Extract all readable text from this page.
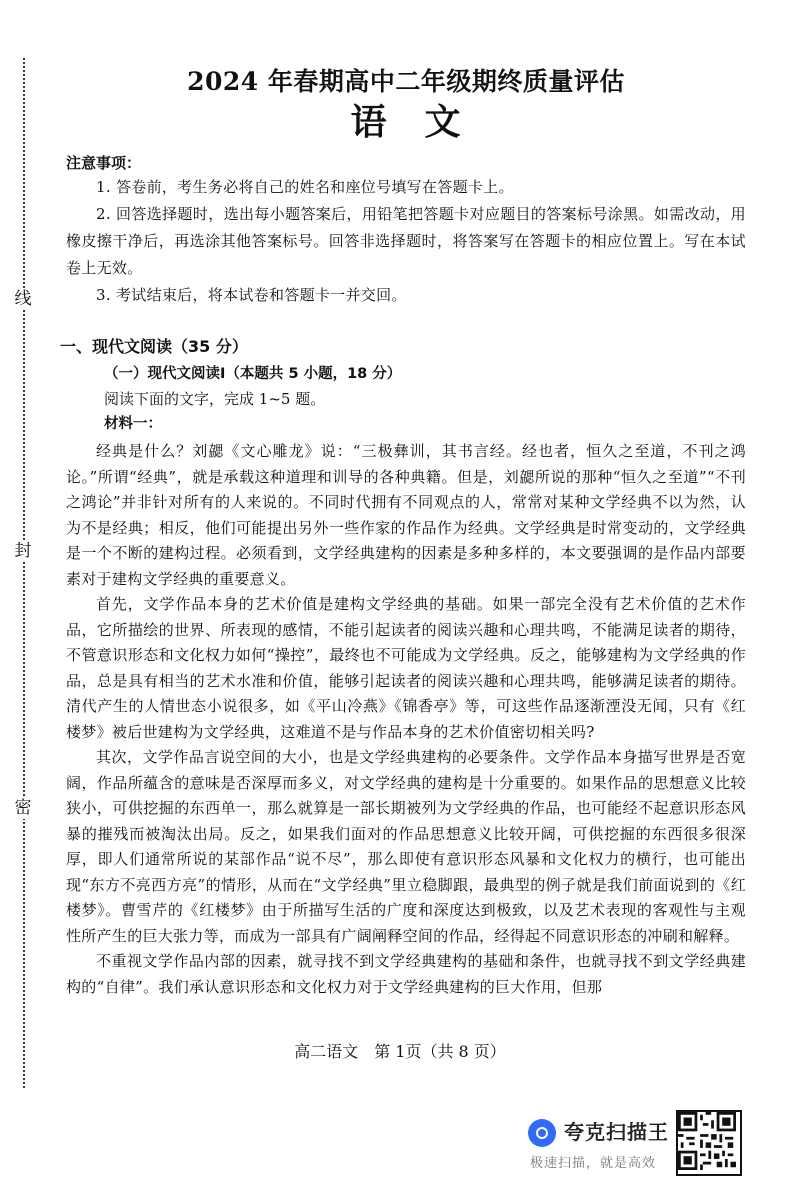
线
封
密
2024 年春期高中二年级期终质量评估
语　文

注意事项：

1. 答卷前，考生务必将自己的姓名和座位号填写在答题卡上。

2. 回答选择题时，选出每小题答案后，用铅笔把答题卡对应题目的答案标号涂黑。如需改动，用橡皮擦干净后，再选涂其他答案标号。回答非选择题时，将答案写在答题卡的相应位置上。写在本试卷上无效。

3. 考试结束后，将本试卷和答题卡一并交回。

一、现代文阅读（35 分）

（一）现代文阅读Ⅰ（本题共 5 小题，18 分）

阅读下面的文字，完成 1~5 题。

材料一：

经典是什么？刘勰《文心雕龙》说：“三极彝训，其书言经。经也者，恒久之至道，不刊之鸿论。”所谓“经典”，就是承载这种道理和训导的各种典籍。但是，刘勰所说的那种“恒久之至道”“不刊之鸿论”并非针对所有的人来说的。不同时代拥有不同观点的人，常常对某种文学经典不以为然，认为不是经典；相反，他们可能提出另外一些作家的作品作为经典。文学经典是时常变动的，文学经典是一个不断的建构过程。必须看到，文学经典建构的因素是多种多样的，本文要强调的是作品内部要素对于建构文学经典的重要意义。

首先，文学作品本身的艺术价值是建构文学经典的基础。如果一部完全没有艺术价值的艺术作品，它所描绘的世界、所表现的感情，不能引起读者的阅读兴趣和心理共鸣，不能满足读者的期待，不管意识形态和文化权力如何“操控”，最终也不可能成为文学经典。反之，能够建构为文学经典的作品，总是具有相当的艺术水准和价值，能够引起读者的阅读兴趣和心理共鸣，能够满足读者的期待。清代产生的人情世态小说很多，如《平山冷燕》《锦香亭》等，可这些作品逐渐湮没无闻，只有《红楼梦》被后世建构为文学经典，这难道不是与作品本身的艺术价值密切相关吗?

其次，文学作品言说空间的大小，也是文学经典建构的必要条件。文学作品本身描写世界是否宽阔，作品所蕴含的意味是否深厚而多义，对文学经典的建构是十分重要的。如果作品的思想意义比较狭小，可供挖掘的东西单一，那么就算是一部长期被列为文学经典的作品，也可能经不起意识形态风暴的摧残而被淘汰出局。反之，如果我们面对的作品思想意义比较开阔，可供挖掘的东西很多很深厚，即人们通常所说的某部作品“说不尽”，那么即使有意识形态风暴和文化权力的横行，也可能出现“东方不亮西方亮”的情形，从而在“文学经典”里立稳脚跟，最典型的例子就是我们前面说到的《红楼梦》。曹雪芹的《红楼梦》由于所描写生活的广度和深度达到极致，以及艺术表现的客观性与主观性所产生的巨大张力等，而成为一部具有广阔阐释空间的作品，经得起不同意识形态的冲刷和解释。

不重视文学作品内部的因素，就寻找不到文学经典建构的基础和条件，也就寻找不到文学经典建构的“自律”。我们承认意识形态和文化权力对于文学经典建构的巨大作用，但那

高二语文　第 1页（共 8 页）
夸克扫描王
极速扫描，就是高效
